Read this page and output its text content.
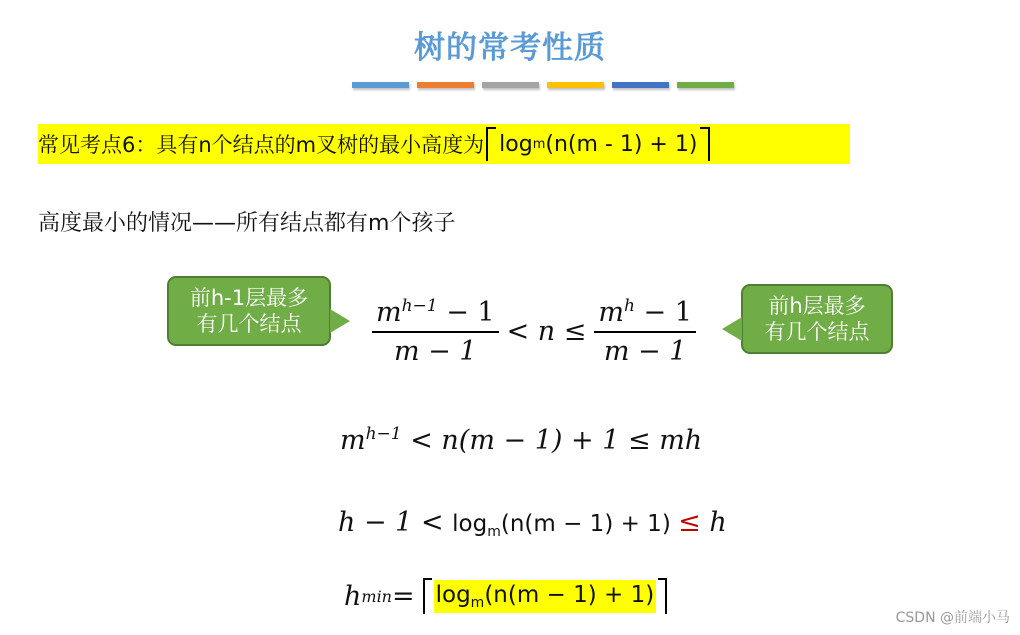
树的常考性质
常见考点6：具有n个结点的m叉树的最小高度为 log m (n(m - 1) + 1)
高度最小的情况——所有结点都有m个孩子
前h-1层最多
有几个结点
前h层最多
有几个结点
$\frac{m^{h-1} - 1}{m - 1} < n \le \frac{m^h - 1}{m - 1}$
$m^{h-1} < n(m - 1) + 1$ ≤ mh
$h - 1 < \log_m(n(m - 1) + 1) \le h$
h $\min = \log_m(n(m - 1) + 1)$
CSDN @前端小马
